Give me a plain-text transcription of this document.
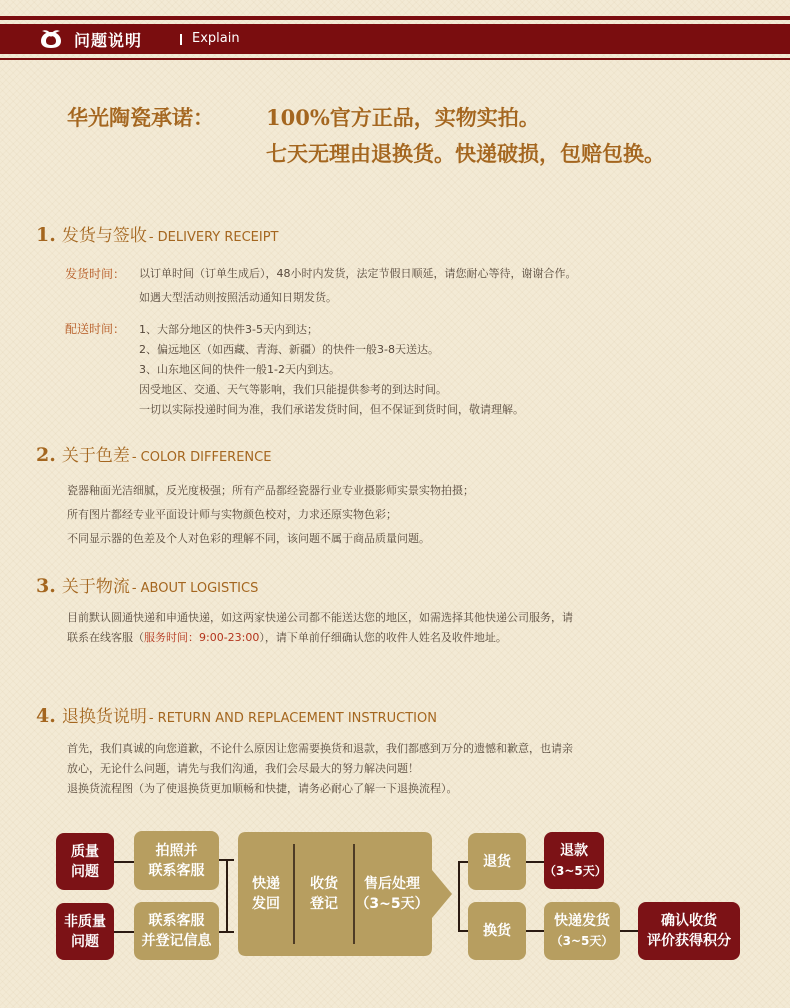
问题说明	Explain
华光陶瓷承诺： 100%官方正品，实物实拍。
七天无理由退换货。快递破损，包赔包换。
1. 发货与签收 - DELIVERY RECEIPT
发货时间： 以订单时间（订单生成后），48小时内发货，法定节假日顺延，请您耐心等待，谢谢合作。
如遇大型活动则按照活动通知日期发货。
配送时间： 1、大部分地区的快件3-5天内到达；
2、偏远地区（如西藏、青海、新疆）的快件一般3-8天送达。
3、山东地区间的快件一般1-2天内到达。
因受地区、交通、天气等影响，我们只能提供参考的到达时间。
一切以实际投递时间为准，我们承诺发货时间，但不保证到货时间，敬请理解。
2. 关于色差 - COLOR DIFFERENCE
瓷器釉面光洁细腻，反光度极强；所有产品都经瓷器行业专业摄影师实景实物拍摄；
所有图片都经专业平面设计师与实物颜色校对，力求还原实物色彩；
不同显示器的色差及个人对色彩的理解不同，该问题不属于商品质量问题。
3. 关于物流 - ABOUT LOGISTICS
目前默认圆通快递和申通快递，如这两家快递公司都不能送达您的地区，如需选择其他快递公司服务，请
联系在线客服（服务时间：9:00-23:00），请下单前仔细确认您的收件人姓名及收件地址。
4. 退换货说明 - RETURN AND REPLACEMENT INSTRUCTION
首先，我们真诚的向您道歉，不论什么原因让您需要换货和退款，我们都感到万分的遗憾和歉意，也请亲
放心，无论什么问题，请先与我们沟通，我们会尽最大的努力解决问题！
退换货流程图（为了使退换货更加顺畅和快捷，请务必耐心了解一下退换流程）。
质量
问题
非质量
问题
拍照并
联系客服
联系客服
并登记信息
快递
发回
收货
登记
售后处理
（3~5天）
退货
退款
（3~5天）
换货
快递发货
（3~5天）
确认收货
评价获得积分
